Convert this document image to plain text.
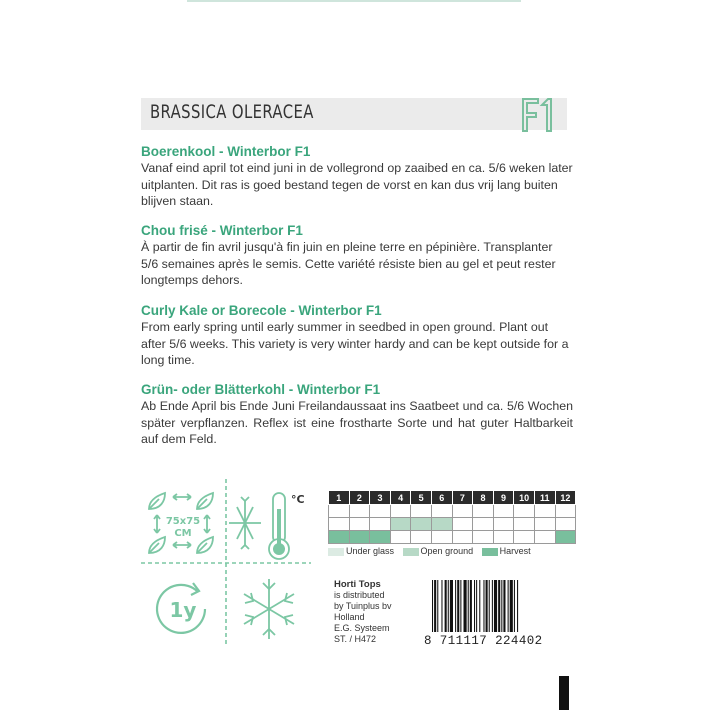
BRASSICA OLERACEA
Boerenkool - Winterbor F1

Vanaf eind april tot eind juni in de vollegrond op zaaibed en ca. 5/6 weken later uitplanten. Dit ras is goed bestand tegen de vorst en kan dus vrij lang buiten blijven staan.

Chou frisé - Winterbor F1

À partir de fin avril jusqu'à fin juin en pleine terre en pépinière. Transplanter 5/6 semaines après le semis. Cette variété résiste bien au gel et peut rester longtemps dehors.

Curly Kale or Borecole - Winterbor F1

From early spring until early summer in seedbed in open ground. Plant out after 5/6 weeks. This variety is very winter hardy and can be kept outside for a long time.

Grün- oder Blätterkohl - Winterbor F1

Ab Ende April bis Ende Juni Freilandaussaat ins Saatbeet und ca. 5/6 Wochen später verpflanzen. Reflex ist eine frostharte Sorte und hat guter Haltbarkeit auf dem Feld.

75x75
CM
°C
1y
1	2	3	4	5	6	7	8	9	10	11	12

Under glass	Open ground	Harvest
Horti Tops
is distributed
by Tuinplus bv
Holland
E.G. Systeem
ST. / H472	8 711117 224402
